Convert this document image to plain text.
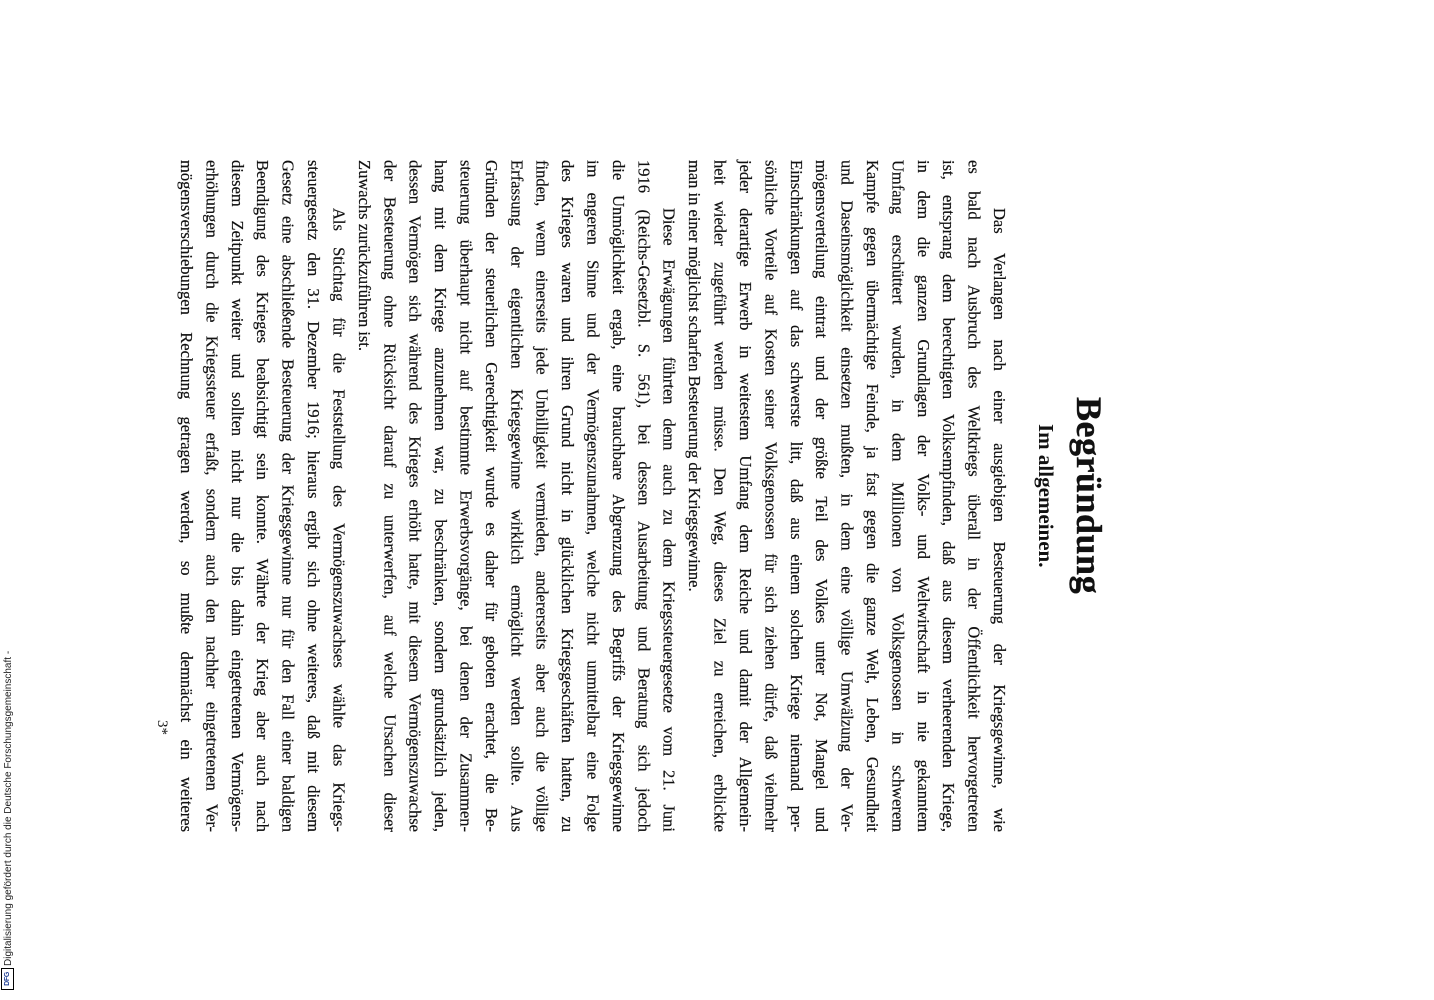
Begründung
Im allgemeinen.
Das Verlangen nach einer ausgiebigen Besteuerung der Kriegsgewinne, wie
es bald nach Ausbruch des Weltkriegs überall in der Öffentlichkeit hervorgetreten
ist, entsprang dem berechtigten Volksempfinden, daß aus diesem verheerenden Kriege,
in dem die ganzen Grundlagen der Volks- und Weltwirtschaft in nie gekanntem
Umfang erschüttert wurden, in dem Millionen von Volksgenossen in schwerem
Kampfe gegen übermächtige Feinde, ja fast gegen die ganze Welt, Leben, Gesundheit
und Daseinsmöglichkeit einsetzen mußten, in dem eine völlige Umwälzung der Ver-
mögensverteilung eintrat und der größte Teil des Volkes unter Not, Mangel und
Einschränkungen auf das schwerste litt, daß aus einem solchen Kriege niemand per-
sönliche Vorteile auf Kosten seiner Volksgenossen für sich ziehen dürfe, daß vielmehr
jeder derartige Erwerb in weitestem Umfang dem Reiche und damit der Allgemein-
heit wieder zugeführt werden müsse. Den Weg, dieses Ziel zu erreichen, erblickte
man in einer möglichst scharfen Besteuerung der Kriegsgewinne.
Diese Erwägungen führten denn auch zu dem Kriegssteuergesetze vom 21. Juni
1916 (Reichs-Gesetzbl. S. 561), bei dessen Ausarbeitung und Beratung sich jedoch
die Unmöglichkeit ergab, eine brauchbare Abgrenzung des Begriffs der Kriegsgewinne
im engeren Sinne und der Vermögenszunahmen, welche nicht unmittelbar eine Folge
des Krieges waren und ihren Grund nicht in glücklichen Kriegsgeschäften hatten, zu
finden, wenn einerseits jede Unbilligkeit vermieden, andererseits aber auch die völlige
Erfassung der eigentlichen Kriegsgewinne wirklich ermöglicht werden sollte. Aus
Gründen der steuerlichen Gerechtigkeit wurde es daher für geboten erachtet, die Be-
steuerung überhaupt nicht auf bestimmte Erwerbsvorgänge, bei denen der Zusammen-
hang mit dem Kriege anzunehmen war, zu beschränken, sondern grundsätzlich jeden,
dessen Vermögen sich während des Krieges erhöht hatte, mit diesem Vermögenszuwachse
der Besteuerung ohne Rücksicht darauf zu unterwerfen, auf welche Ursachen dieser
Zuwachs zurückzuführen ist.
Als Stichtag für die Feststellung des Vermögenszuwachses wählte das Kriegs-
steuergesetz den 31. Dezember 1916; hieraus ergibt sich ohne weiteres, daß mit diesem
Gesetz eine abschließende Besteuerung der Kriegsgewinne nur für den Fall einer baldigen
Beendigung des Krieges beabsichtigt sein konnte. Währte der Krieg aber auch nach
diesem Zeitpunkt weiter und sollten nicht nur die bis dahin eingetretenen Vermögens-
erhöhungen durch die Kriegssteuer erfaßt, sondern auch den nachher eingetretenen Ver-
mögensverschiebungen Rechnung getragen werden, so mußte demnächst ein weiteres
3*
Digitalisierung gefördert durch die Deutsche Forschungsgemeinschaft -
DFG
